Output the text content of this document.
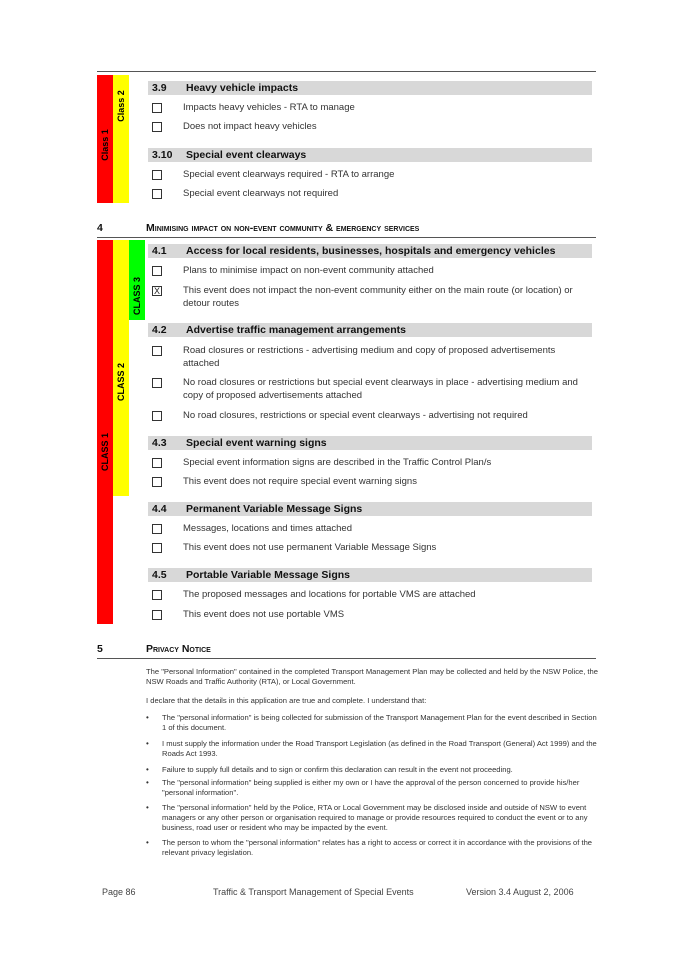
Class 1
Class 2
3.9 Heavy vehicle impacts
Impacts heavy vehicles - RTA to manage
Does not impact heavy vehicles
3.10 Special event clearways
Special event clearways required - RTA to arrange
Special event clearways not required
4	Minimising impact on non-event community & emergency services
CLASS 1
CLASS 2
CLASS 3
4.1 Access for local residents, businesses, hospitals and emergency vehicles
Plans to minimise impact on non-event community attached
X This event does not impact the non-event community either on the main route (or location) or detour routes
4.2 Advertise traffic management arrangements
Road closures or restrictions - advertising medium and copy of proposed advertisements attached
No road closures or restrictions but special event clearways in place - advertising medium and copy of proposed advertisements attached
No road closures, restrictions or special event clearways - advertising not required
4.3 Special event warning signs
Special event information signs are described in the Traffic Control Plan/s
This event does not require special event warning signs
4.4 Permanent Variable Message Signs
Messages, locations and times attached
This event does not use permanent Variable Message Signs
4.5 Portable Variable Message Signs
The proposed messages and locations for portable VMS are attached
This event does not use portable VMS
5	Privacy Notice
The "Personal Information" contained in the completed Transport Management Plan may be collected and held by the NSW Police, the NSW Roads and Traffic Authority (RTA), or Local Government.
I declare that the details in this application are true and complete. I understand that:
• The "personal information" is being collected for submission of the Transport Management Plan for the event described in Section 1 of this document.
• I must supply the information under the Road Transport Legislation (as defined in the Road Transport (General) Act 1999) and the Roads Act 1993.
• Failure to supply full details and to sign or confirm this declaration can result in the event not proceeding.
• The "personal information" being supplied is either my own or I have the approval of the person concerned to provide his/her "personal information".
• The "personal information" held by the Police, RTA or Local Government may be disclosed inside and outside of NSW to event managers or any other person or organisation required to manage or provide resources required to conduct the event or to any business, road user or resident who may be impacted by the event.
• The person to whom the "personal information" relates has a right to access or correct it in accordance with the provisions of the relevant privacy legislation.
Page 86	Traffic & Transport Management of Special Events	Version 3.4 August 2, 2006
